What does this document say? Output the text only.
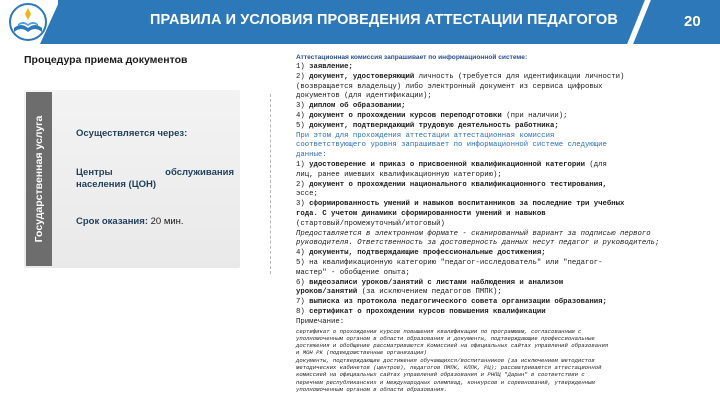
ПРАВИЛА И УСЛОВИЯ ПРОВЕДЕНИЯ АТТЕСТАЦИИ ПЕДАГОГОВ	20
Процедура приема документов
Государственная услуга	Осуществляется через:
Центры обслуживания
населения (ЦОН)
Срок оказания: 20 мин.
Аттестационная комиссия запрашивает по информационной системе:
1) заявление;
2) документ, удостоверяющий личность (требуется для идентификации личности)
(возвращается владельцу) либо электронный документ из сервиса цифровых
документов (для идентификации);
3) диплом об образовании;
4) документ о прохождении курсов переподготовки (при наличии);
5) документ, подтверждающий трудовую деятельность работника;
При этом для прохождения аттестации аттестационная комиссия
соответствующего уровня запрашивает по информационной системе следующие
данные:
1) удостоверение и приказ о присвоенной квалификационной категории (для
лиц, ранее имевших квалификационную категорию);
2) документ о прохождении национального квалификационного тестирования,
эссе;
3) сформированность умений и навыков воспитанников за последние три учебных
года. С учетом динамики сформированности умений и навыков
(стартовый/промежуточный/итоговый)
Предоставляется в электронном формате - сканированный вариант за подписью первого
руководителя. Ответственность за достоверность данных несут педагог и руководитель;
4) документы, подтверждающие профессиональные достижения;
5) на квалификационную категорию "педагог-исследователь" или "педагог-
мастер" - обобщение опыта;
6) видеозаписи уроков/занятий с листами наблюдения и анализом
уроков/занятий (за исключением педагогов ПМПК);
7) выписка из протокола педагогического совета организации образования;
8) сертификат о прохождении курсов повышения квалификации
Примечание:
сертификат о прохождении курсов повышения квалификации по программам, согласованным с
уполномоченным органом в области образования и документы, подтверждающие профессиональные
достижения и обобщение рассматриваются Комиссией на официальных сайтах управлений образования
и МОН РК (подведомственные организации)
документы, подтверждающие достижения обучающихся/воспитанников (за исключением методистов
методических кабинетов (центров), педагогов ПМПК, КППК, РЦ); рассматриваются аттестационной
комиссией на официальных сайтах управлений образования и РНПЦ "Дарын" в соответствии с
перечнем республиканских и международных олимпиад, конкурсов и соревнований, утвержденным
уполномоченным органом в области образования.
